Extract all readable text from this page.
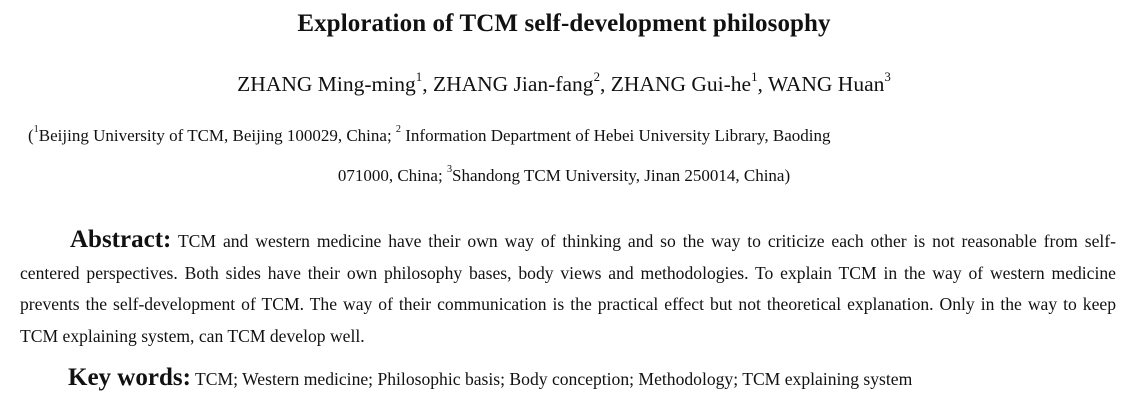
Exploration of TCM self-development philosophy
ZHANG Ming-ming$^1$, ZHANG Jian-fang$^2$, ZHANG Gui-$he^1$, WANG Huan$^3$
($^1$Beijing University of TCM, Beijing 100029, China; $^2$ Information Department of Hebei University Library, Baoding
071000, China; $^3$Shandong TCM University, Jinan 250014, China)
Abstract: TCM and western medicine have their own way of thinking and so the way to criticize each other is not reasonable from self-centered perspectives. Both sides have their own philosophy bases, body views and methodologies. To explain TCM in the way of western medicine prevents the self-development of TCM. The way of their communication is the practical effect but not theoretical explanation. Only in the way to keep TCM explaining system, can TCM develop well.
Key words: TCM; Western medicine; Philosophic basis; Body conception; Methodology; TCM explaining system
